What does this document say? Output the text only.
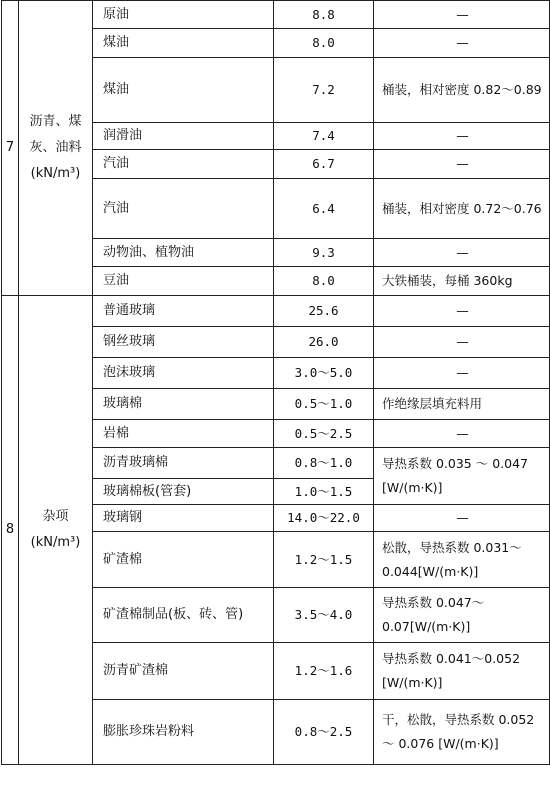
7	沥青、煤灰、油料(kN/m³)	原油	8.8	—
		煤油	8.0	—
		煤油	7.2	桶装，相对密度 0.82～0.89
		润滑油	7.4	—
		汽油	6.7	—
		汽油	6.4	桶装，相对密度 0.72～0.76
		动物油、植物油	9.3	—
		豆油	8.0	大铁桶装，每桶 360kg
8	杂项(kN/m³)	普通玻璃	25.6	—
		钢丝玻璃	26.0	—
		泡沫玻璃	3.0～5.0	—
		玻璃棉	0.5～1.0	作绝缘层填充料用
		岩棉	0.5～2.5	—
		沥青玻璃棉	0.8～1.0	导热系数 0.035 ～ 0.047 [W/(m·K)]
		玻璃棉板(管套)	1.0～1.5	
		玻璃钢	14.0～22.0	—
		矿渣棉	1.2～1.5	松散，导热系数 0.031～0.044[W/(m·K)]
		矿渣棉制品(板、砖、管)	3.5～4.0	导热系数 0.047～0.07[W/(m·K)]
		沥青矿渣棉	1.2～1.6	导热系数 0.041～0.052 [W/(m·K)]
		膨胀珍珠岩粉料	0.8～2.5	干，松散，导热系数 0.052 ～ 0.076 [W/(m·K)]
